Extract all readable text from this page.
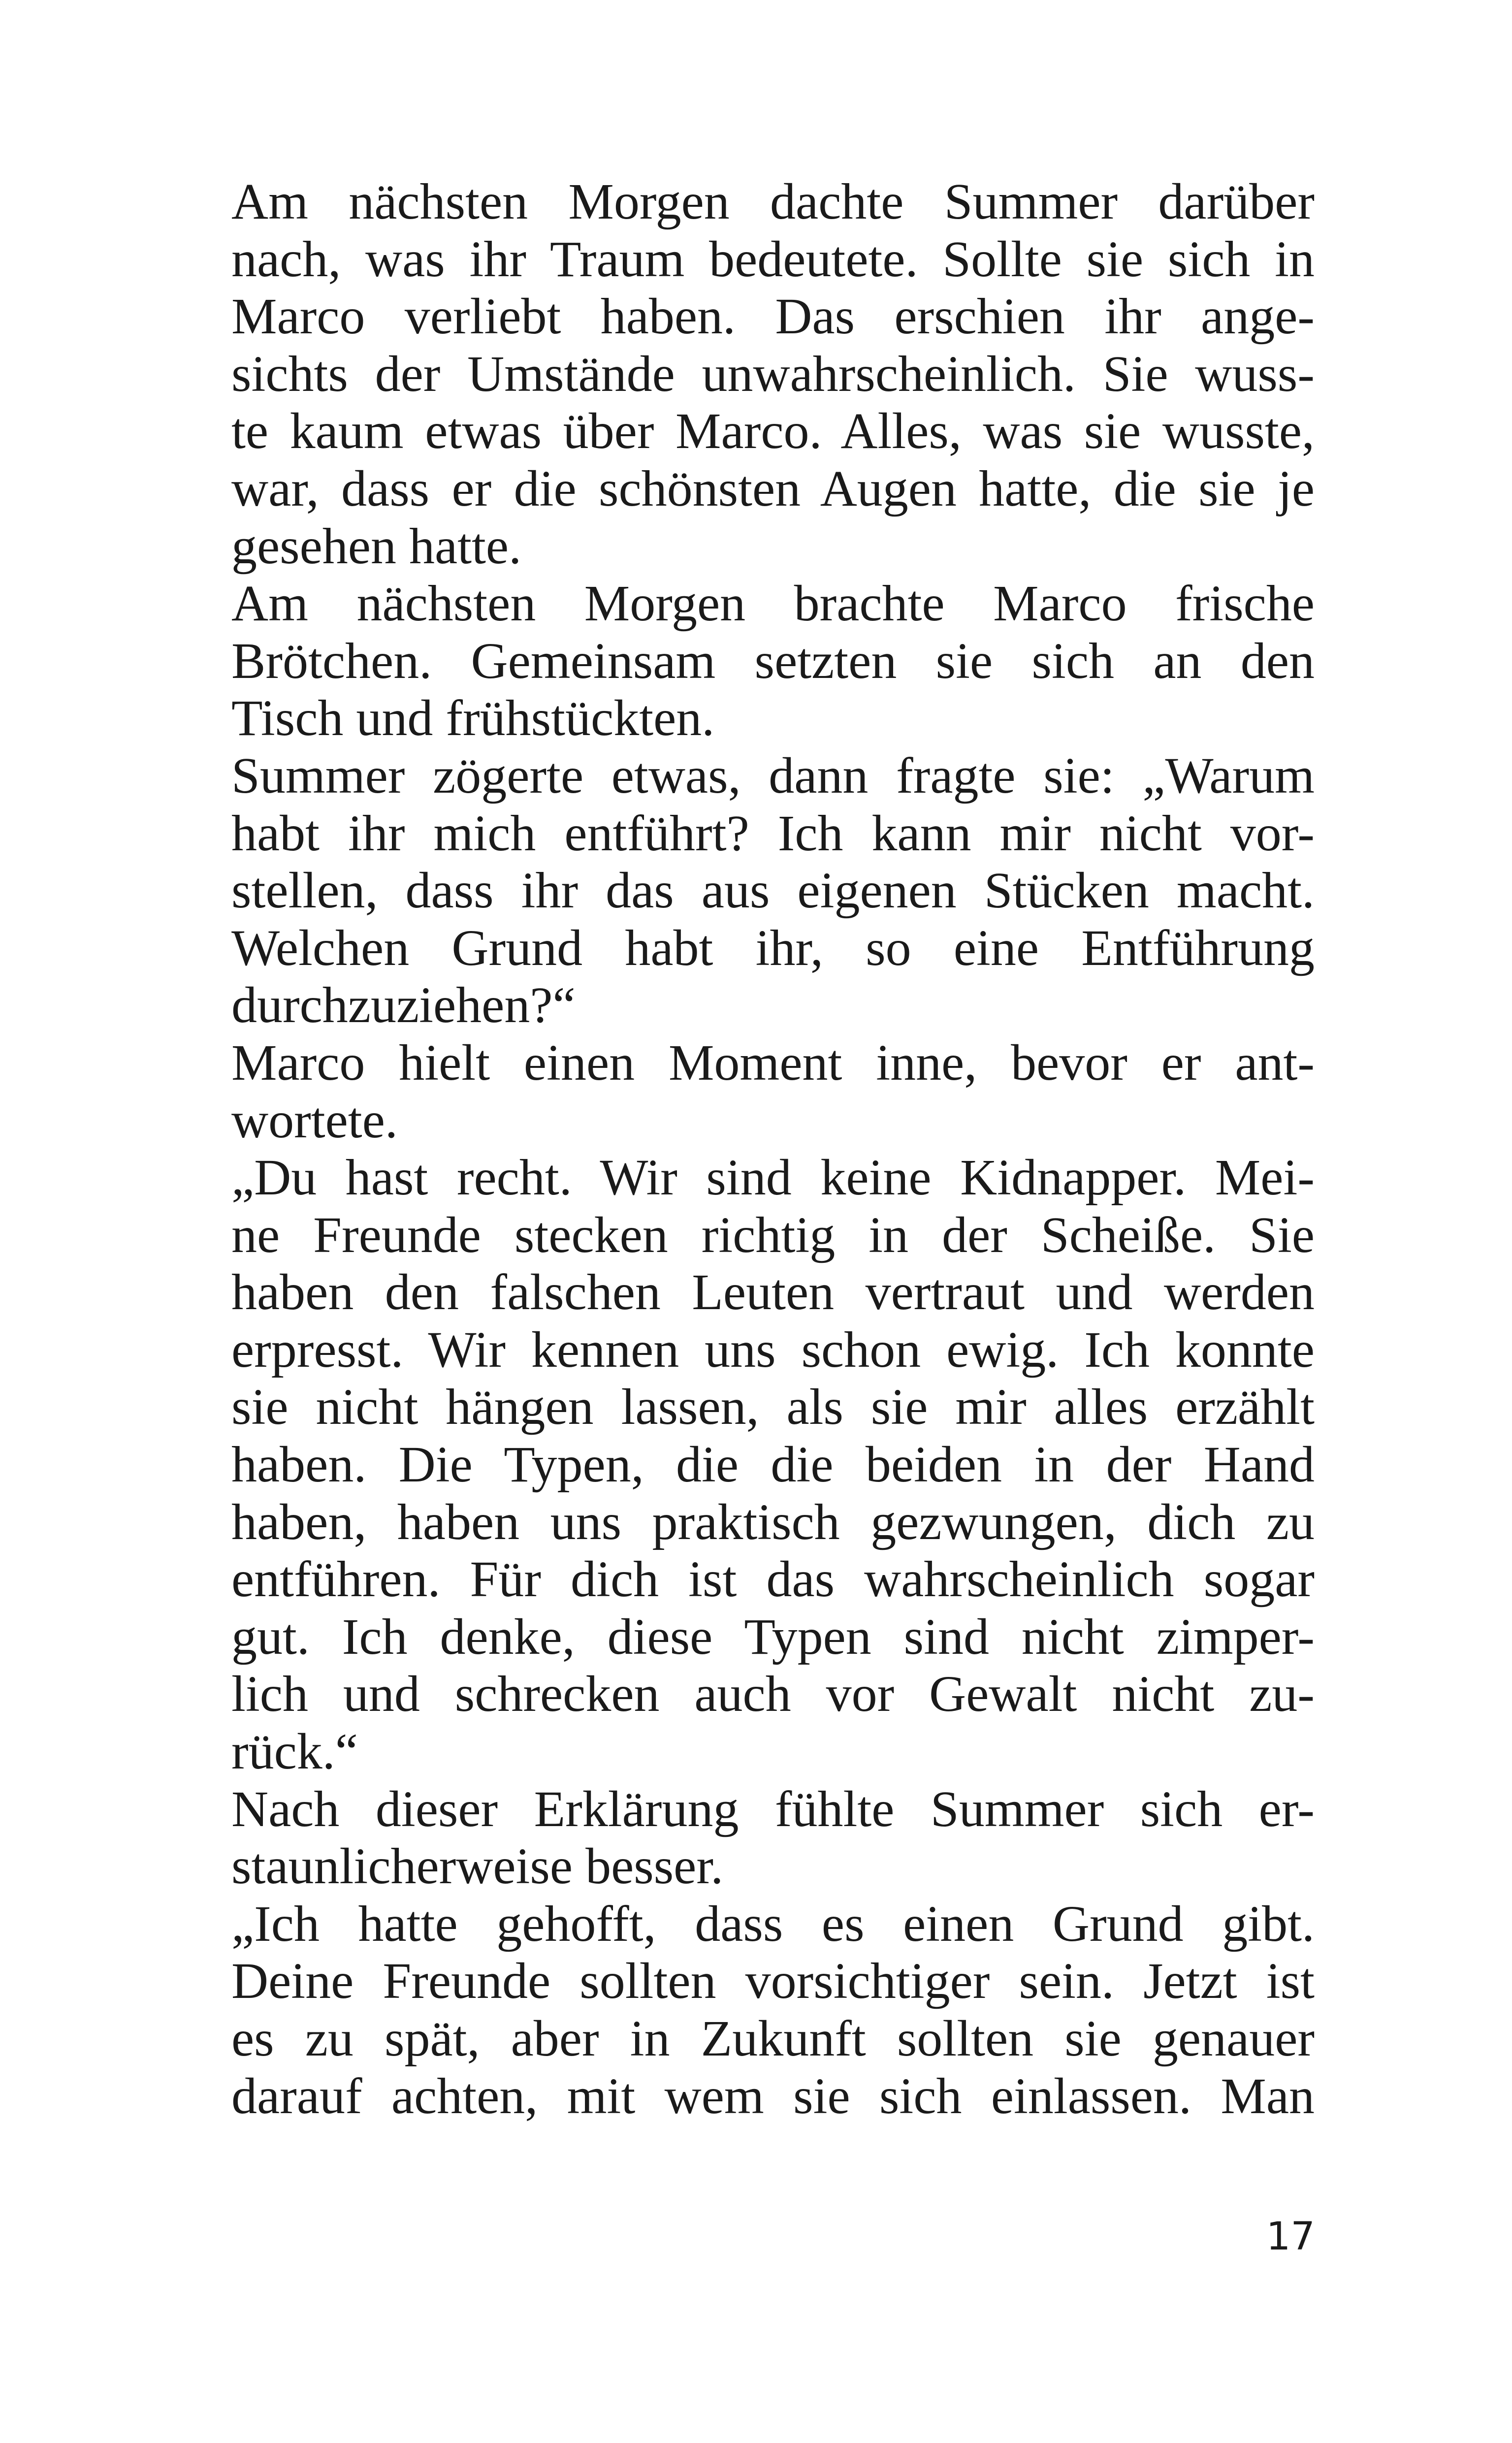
Am nächsten Morgen dachte Summer darüber
nach, was ihr Traum bedeutete. Sollte sie sich in
Marco verliebt haben. Das erschien ihr ange-
sichts der Umstände unwahrscheinlich. Sie wuss-
te kaum etwas über Marco. Alles, was sie wusste,
war, dass er die schönsten Augen hatte, die sie je
gesehen hatte.
Am nächsten Morgen brachte Marco frische
Brötchen. Gemeinsam setzten sie sich an den
Tisch und frühstückten.
Summer zögerte etwas, dann fragte sie: „Warum
habt ihr mich entführt? Ich kann mir nicht vor-
stellen, dass ihr das aus eigenen Stücken macht.
Welchen Grund habt ihr, so eine Entführung
durchzuziehen?“
Marco hielt einen Moment inne, bevor er ant-
wortete.
„Du hast recht. Wir sind keine Kidnapper. Mei-
ne Freunde stecken richtig in der Scheiße. Sie
haben den falschen Leuten vertraut und werden
erpresst. Wir kennen uns schon ewig. Ich konnte
sie nicht hängen lassen, als sie mir alles erzählt
haben. Die Typen, die die beiden in der Hand
haben, haben uns praktisch gezwungen, dich zu
entführen. Für dich ist das wahrscheinlich sogar
gut. Ich denke, diese Typen sind nicht zimper-
lich und schrecken auch vor Gewalt nicht zu-
rück.“
Nach dieser Erklärung fühlte Summer sich er-
staunlicherweise besser.
„Ich hatte gehofft, dass es einen Grund gibt.
Deine Freunde sollten vorsichtiger sein. Jetzt ist
es zu spät, aber in Zukunft sollten sie genauer
darauf achten, mit wem sie sich einlassen. Man
17
